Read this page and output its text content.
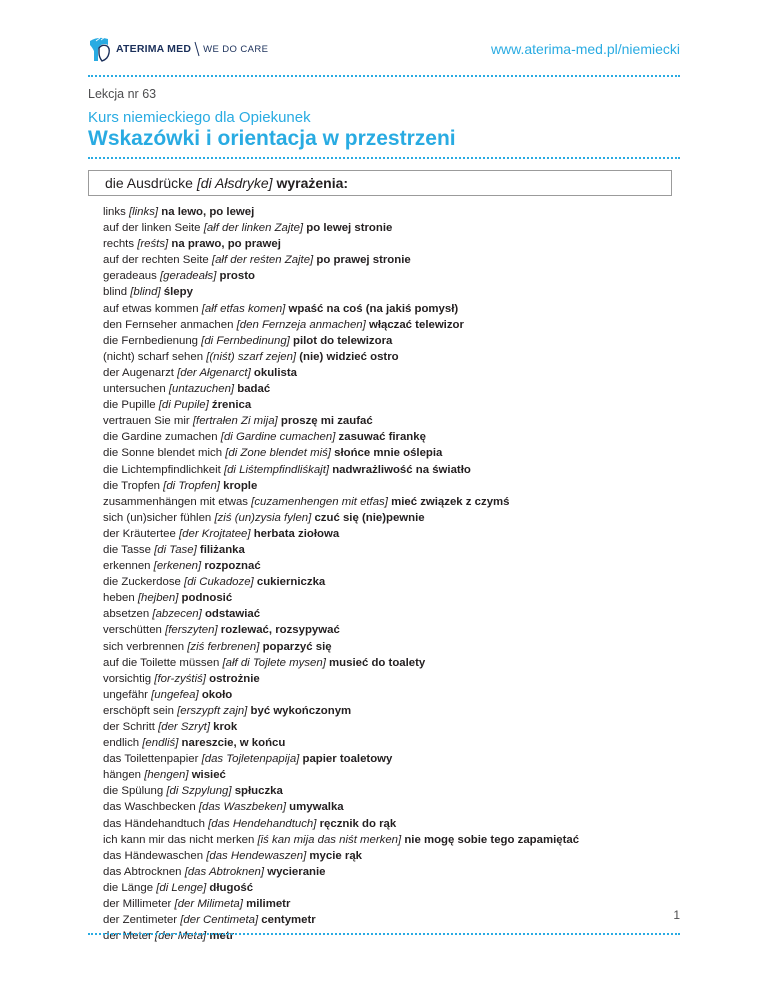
ATERIMA MED WE DO CARE	www.aterima-med.pl/niemiecki
Lekcja nr 63
Kurs niemieckiego dla Opiekunek
Wskazówki i orientacja w przestrzeni
die Ausdrücke [di Ałsdryke] wyrażenia:
links [links] na lewo, po lewej
auf der linken Seite [ałf der linken Zajte] po lewej stronie
rechts [reśts] na prawo, po prawej
auf der rechten Seite [ałf der reśten Zajte] po prawej stronie
geradeaus [geradeałs] prosto
blind [blind] ślepy
auf etwas kommen [ałf etfas komen] wpaść na coś (na jakiś pomysł)
den Fernseher anmachen [den Fernzeja anmachen] włączać telewizor
die Fernbedienung [di Fernbedinung] pilot do telewizora
(nicht) scharf sehen [(niśt) szarf zejen] (nie) widzieć ostro
der Augenarzt [der Ałgenarct] okulista
untersuchen [untazuchen] badać
die Pupille [di Pupile] źrenica
vertrauen Sie mir [fertrałen Zi mija] proszę mi zaufać
die Gardine zumachen [di Gardine cumachen] zasuwać firankę
die Sonne blendet mich [di Zone blendet miś] słońce mnie oślepia
die Lichtempfindlichkeit [di Liśtempfindliśkajt] nadwrażliwość na światło
die Tropfen [di Tropfen] krople
zusammenhängen mit etwas [cuzamenhengen mit etfas] mieć związek z czymś
sich (un)sicher fühlen [ziś (un)zysia fylen] czuć się (nie)pewnie
der Kräutertee [der Krojtatee] herbata ziołowa
die Tasse [di Tase] filiżanka
erkennen [erkenen] rozpoznać
die Zuckerdose [di Cukadoze] cukierniczka
heben [hejben] podnosić
absetzen [abzecen] odstawiać
verschütten [ferszyten] rozlewać, rozsypywać
sich verbrennen [ziś ferbrenen] poparzyć się
auf die Toilette müssen [ałf di Tojlete mysen] musieć do toalety
vorsichtig [for-zyśtiś] ostrożnie
ungefähr [ungefea] około
erschöpft sein [erszypft zajn] być wykończonym
der Schritt [der Szryt] krok
endlich [endliś] nareszcie, w końcu
das Toilettenpapier [das Tojletenpapija] papier toaletowy
hängen [hengen] wisieć
die Spülung [di Szpylung] spłuczka
das Waschbecken [das Waszbeken] umywalka
das Händehandtuch [das Hendehandtuch] ręcznik do rąk
ich kann mir das nicht merken [iś kan mija das niśt merken] nie mogę sobie tego zapamiętać
das Händewaschen [das Hendewaszen] mycie rąk
das Abtrocknen [das Abtroknen] wycieranie
die Länge [di Lenge] długość
der Millimeter [der Milimeta] milimetr
der Zentimeter [der Centimeta] centymetr
der Meter [der Meta] metr
1
